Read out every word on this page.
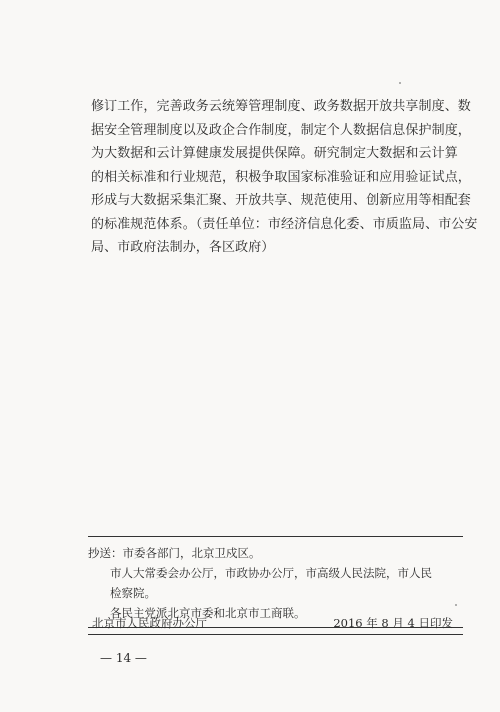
修订工作，完善政务云统筹管理制度、政务数据开放共享制度、数
据安全管理制度以及政企合作制度，制定个人数据信息保护制度，
为大数据和云计算健康发展提供保障。研究制定大数据和云计算
的相关标准和行业规范，积极争取国家标准验证和应用验证试点，
形成与大数据采集汇聚、开放共享、规范使用、创新应用等相配套
的标准规范体系。（责任单位：市经济信息化委、市质监局、市公安
局、市政府法制办，各区政府）
抄送：市委各部门，北京卫戍区。
市人大常委会办公厅，市政协办公厅，市高级人民法院，市人民
检察院。
各民主党派北京市委和北京市工商联。
北京市人民政府办公厅	2016 年 8 月 4 日印发
— 14 —
